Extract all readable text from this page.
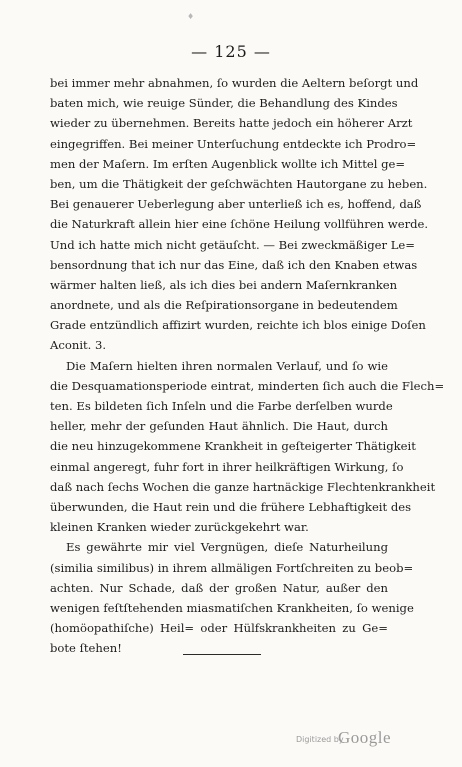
♦
— 125 —
bei immer mehr abnahmen, ſo wurden die Aeltern beſorgt und
baten mich, wie reuige Sünder, die Behandlung des Kindes
wieder zu übernehmen. Bereits hatte jedoch ein höherer Arzt
eingegriffen. Bei meiner Unterſuchung entdeckte ich Prodro=
men der Maſern. Im erſten Augenblick wollte ich Mittel ge=
ben, um die Thätigkeit der geſchwächten Hautorgane zu heben.
Bei genauerer Ueberlegung aber unterließ ich es, hoffend, daß
die Naturkraft allein hier eine ſchöne Heilung vollführen werde.
Und ich hatte mich nicht getäuſcht. — Bei zweckmäßiger Le=
bensordnung that ich nur das Eine, daß ich den Knaben etwas
wärmer halten ließ, als ich dies bei andern Maſernkranken
anordnete, und als die Reſpirationsorgane in bedeutendem
Grade entzündlich affizirt wurden, reichte ich blos einige Doſen
Aconit. 3.
Die Maſern hielten ihren normalen Verlauf, und ſo wie
die Desquamationsperiode eintrat, minderten ſich auch die Flech=
ten. Es bildeten ſich Inſeln und die Farbe derſelben wurde
heller, mehr der geſunden Haut ähnlich. Die Haut, durch
die neu hinzugekommene Krankheit in geſteigerter Thätigkeit
einmal angeregt, fuhr fort in ihrer heilkräftigen Wirkung, ſo
daß nach ſechs Wochen die ganze hartnäckige Flechtenkrankheit
überwunden, die Haut rein und die frühere Lebhaftigkeit des
kleinen Kranken wieder zurückgekehrt war.
Es gewährte mir viel Vergnügen, dieſe Naturheilung
(similia similibus) in ihrem allmäligen Fortſchreiten zu beob=
achten. Nur Schade, daß der großen Natur, außer den
wenigen feſtſtehenden miasmatiſchen Krankheiten, ſo wenige
(homöopathiſche) Heil= oder Hülfskrankheiten zu Ge=
bote ſtehen!
Digitized by
Google
